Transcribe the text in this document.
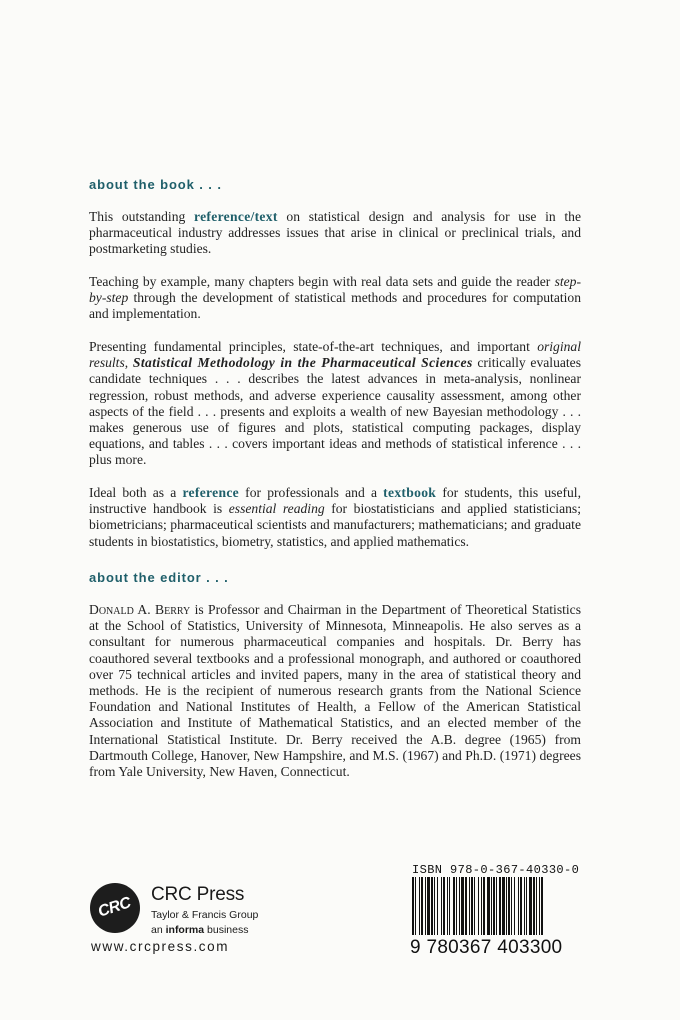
about the book . . .

This outstanding reference/text on statistical design and analysis for use in the pharmaceutical industry addresses issues that arise in clinical or preclinical trials, and postmarketing studies.

Teaching by example, many chapters begin with real data sets and guide the reader step-by-step through the development of statistical methods and procedures for computation and implementation.

Presenting fundamental principles, state-of-the-art techniques, and important original results, Statistical Methodology in the Pharmaceutical Sciences critically evaluates candidate techniques . . . describes the latest advances in meta-analysis, nonlinear regression, robust methods, and adverse experience causality assessment, among other aspects of the field . . . presents and exploits a wealth of new Bayesian methodology . . . makes generous use of figures and plots, statistical computing packages, display equations, and tables . . . covers important ideas and methods of statistical inference . . . plus more.

Ideal both as a reference for professionals and a textbook for students, this useful, instructive handbook is essential reading for biostatisticians and applied statisticians; biometricians; pharmaceutical scientists and manufacturers; mathematicians; and graduate students in biostatistics, biometry, statistics, and applied mathematics.

about the editor . . .

Donald A. Berry is Professor and Chairman in the Department of Theoretical Statistics at the School of Statistics, University of Minnesota, Minneapolis. He also serves as a consultant for numerous pharmaceutical companies and hospitals. Dr. Berry has coauthored several textbooks and a professional monograph, and authored or coauthored over 75 technical articles and invited papers, many in the area of statistical theory and methods. He is the recipient of numerous research grants from the National Science Foundation and National Institutes of Health, a Fellow of the American Statistical Association and Institute of Mathematical Statistics, and an elected member of the International Statistical Institute. Dr. Berry received the A.B. degree (1965) from Dartmouth College, Hanover, New Hampshire, and M.S. (1967) and Ph.D. (1971) degrees from Yale University, New Haven, Connecticut.

CRC CRC Press
Taylor & Francis Group
an informa business
www.crcpress.com
ISBN 978-0-367-40330-0
9 780367 403300
